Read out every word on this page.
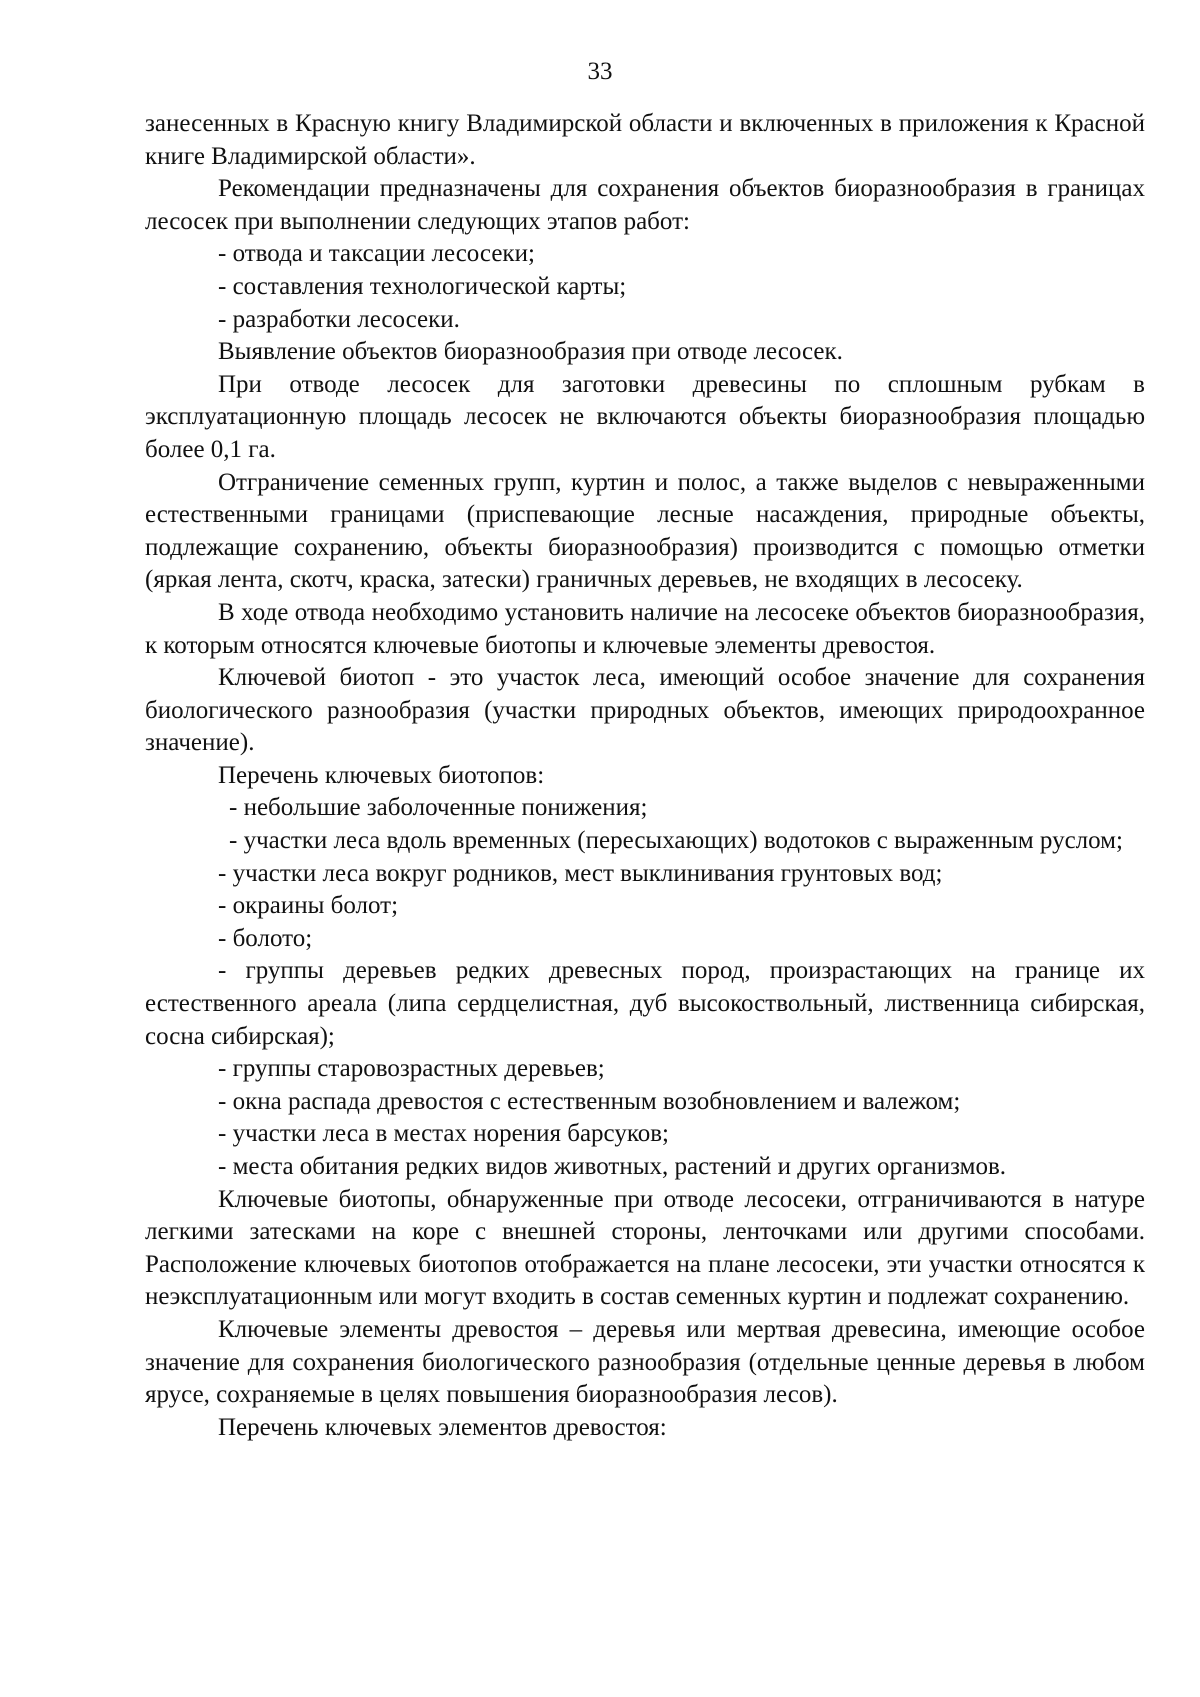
33

занесенных в Красную книгу Владимирской области и включенных в приложения к Красной книге Владимирской области».

Рекомендации предназначены для сохранения объектов биоразнообразия в границах лесосек при выполнении следующих этапов работ:

- отвода и таксации лесосеки;

- составления технологической карты;

- разработки лесосеки.

Выявление объектов биоразнообразия при отводе лесосек.

При отводе лесосек для заготовки древесины по сплошным рубкам в эксплуатационную площадь лесосек не включаются объекты биоразнообразия площадью более 0,1 га.

Отграничение семенных групп, куртин и полос, а также выделов с невыраженными естественными границами (приспевающие лесные насаждения, природные объекты, подлежащие сохранению, объекты биоразнообразия) производится с помощью отметки (яркая лента, скотч, краска, затески) граничных деревьев, не входящих в лесосеку.

В ходе отвода необходимо установить наличие на лесосеке объектов биоразнообразия, к которым относятся ключевые биотопы и ключевые элементы древостоя.

Ключевой биотоп - это участок леса, имеющий особое значение для сохранения биологического разнообразия (участки природных объектов, имеющих природоохранное значение).

Перечень ключевых биотопов:

- небольшие заболоченные понижения;

- участки леса вдоль временных (пересыхающих) водотоков с выраженным руслом;

- участки леса вокруг родников, мест выклинивания грунтовых вод;

- окраины болот;

- болото;

- группы деревьев редких древесных пород, произрастающих на границе их естественного ареала (липа сердцелистная, дуб высокоствольный, лиственница сибирская, сосна сибирская);

- группы старовозрастных деревьев;

- окна распада древостоя с естественным возобновлением и валежом;

- участки леса в местах норения барсуков;

- места обитания редких видов животных, растений и других организмов.

Ключевые биотопы, обнаруженные при отводе лесосеки, отграничиваются в натуре легкими затесками на коре с внешней стороны, ленточками или другими способами. Расположение ключевых биотопов отображается на плане лесосеки, эти участки относятся к неэксплуатационным или могут входить в состав семенных куртин и подлежат сохранению.

Ключевые элементы древостоя – деревья или мертвая древесина, имеющие особое значение для сохранения биологического разнообразия (отдельные ценные деревья в любом ярусе, сохраняемые в целях повышения биоразнообразия лесов).

Перечень ключевых элементов древостоя:
